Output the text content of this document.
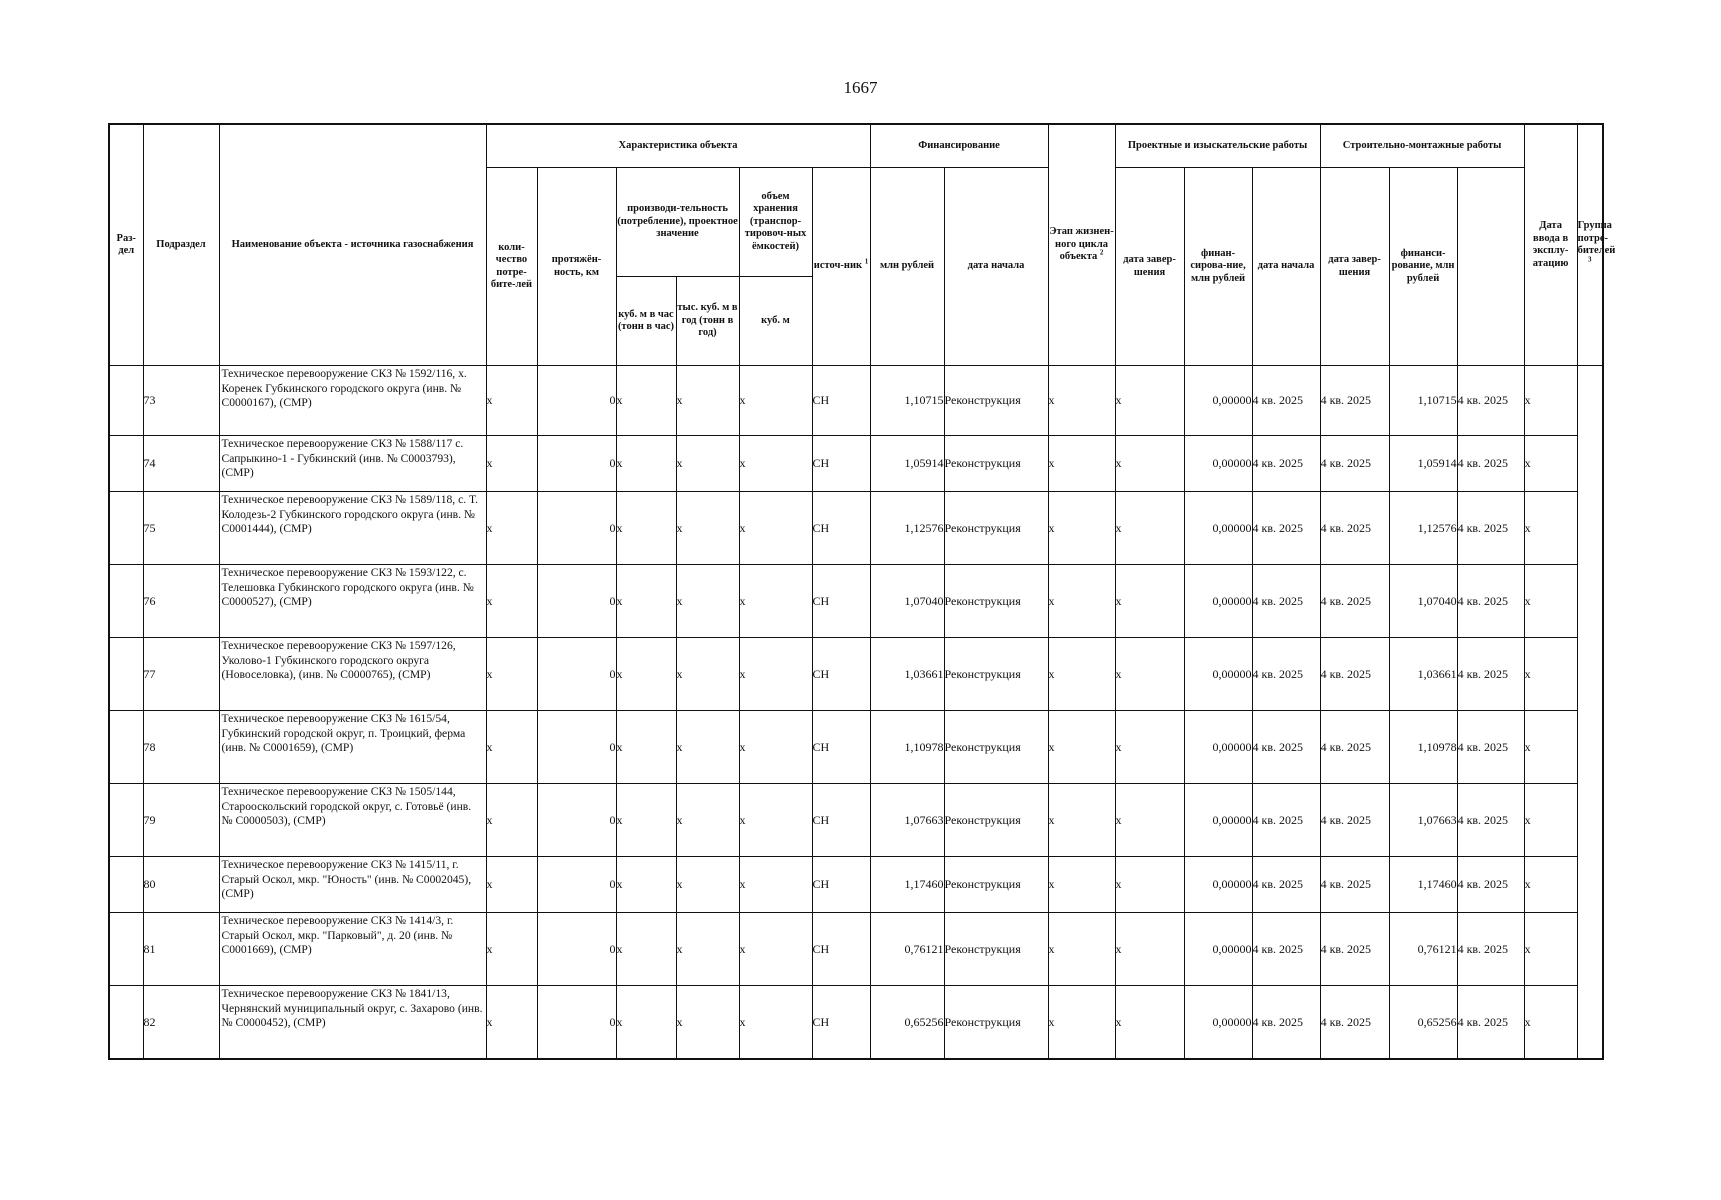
1667
Раз-дел	Подраздел	Наименование объекта - источника газоснабжения	Характеристика объекта						Финансирование		Этап жизнен-ного цикла объекта $^2$	Проектные и изыскательские работы			Строительно-монтажные работы			Дата ввода в эксплу-атацию	Группа потре-бителей $^3$
			коли-чество потре-бите-лей	протяжён-ность, км	производи-тельность (потребление), проектное значение		объем хранения (транспор-тировоч-ных ёмкостей)	источ-ник $^1$	млн рублей	дата начала		дата завер-шения	финан-сирова-ние, млн рублей	дата начала	дата завер-шения	финанси-рование, млн рублей			
					куб. м в час (тонн в час)	тыс. куб. м в год (тонн в год)	куб. м												
	73	Техническое перевооружение СКЗ № 1592/116, х. Коренек Губкинского городского округа (инв. № С0000167), (СМР)	x	0	x	x	x	СН	1,10715	Реконструкция	x	x	0,00000	4 кв. 2025	4 кв. 2025	1,10715	4 кв. 2025	x	
	74	Техническое перевооружение СКЗ № 1588/117 с. Сапрыкино-1 - Губкинский (инв. № С0003793), (СМР)	x	0	x	x	x	СН	1,05914	Реконструкция	x	x	0,00000	4 кв. 2025	4 кв. 2025	1,05914	4 кв. 2025	x	
	75	Техническое перевооружение СКЗ № 1589/118, с. Т. Колодезь-2 Губкинского городского округа (инв. № С0001444), (СМР)	x	0	x	x	x	СН	1,12576	Реконструкция	x	x	0,00000	4 кв. 2025	4 кв. 2025	1,12576	4 кв. 2025	x	
	76	Техническое перевооружение СКЗ № 1593/122, с. Телешовка Губкинского городского округа (инв. № С0000527), (СМР)	x	0	x	x	x	СН	1,07040	Реконструкция	x	x	0,00000	4 кв. 2025	4 кв. 2025	1,07040	4 кв. 2025	x	
	77	Техническое перевооружение СКЗ № 1597/126, Уколово-1 Губкинского городского округа (Новоселовка), (инв. № С0000765), (СМР)	x	0	x	x	x	СН	1,03661	Реконструкция	x	x	0,00000	4 кв. 2025	4 кв. 2025	1,03661	4 кв. 2025	x	
	78	Техническое перевооружение СКЗ № 1615/54, Губкинский городской округ, п. Троицкий, ферма (инв. № С0001659), (СМР)	x	0	x	x	x	СН	1,10978	Реконструкция	x	x	0,00000	4 кв. 2025	4 кв. 2025	1,10978	4 кв. 2025	x	
	79	Техническое перевооружение СКЗ № 1505/144, Старооскольский городской округ, с. Готовьё (инв. № С0000503), (СМР)	x	0	x	x	x	СН	1,07663	Реконструкция	x	x	0,00000	4 кв. 2025	4 кв. 2025	1,07663	4 кв. 2025	x	
	80	Техническое перевооружение СКЗ № 1415/11, г. Старый Оскол, мкр. "Юность" (инв. № С0002045), (СМР)	x	0	x	x	x	СН	1,17460	Реконструкция	x	x	0,00000	4 кв. 2025	4 кв. 2025	1,17460	4 кв. 2025	x	
	81	Техническое перевооружение СКЗ № 1414/3, г. Старый Оскол, мкр. "Парковый", д. 20 (инв. № С0001669), (СМР)	x	0	x	x	x	СН	0,76121	Реконструкция	x	x	0,00000	4 кв. 2025	4 кв. 2025	0,76121	4 кв. 2025	x	
	82	Техническое перевооружение СКЗ № 1841/13, Чернянский муниципальный округ, с. Захарово (инв. № С0000452), (СМР)	x	0	x	x	x	СН	0,65256	Реконструкция	x	x	0,00000	4 кв. 2025	4 кв. 2025	0,65256	4 кв. 2025	x	
